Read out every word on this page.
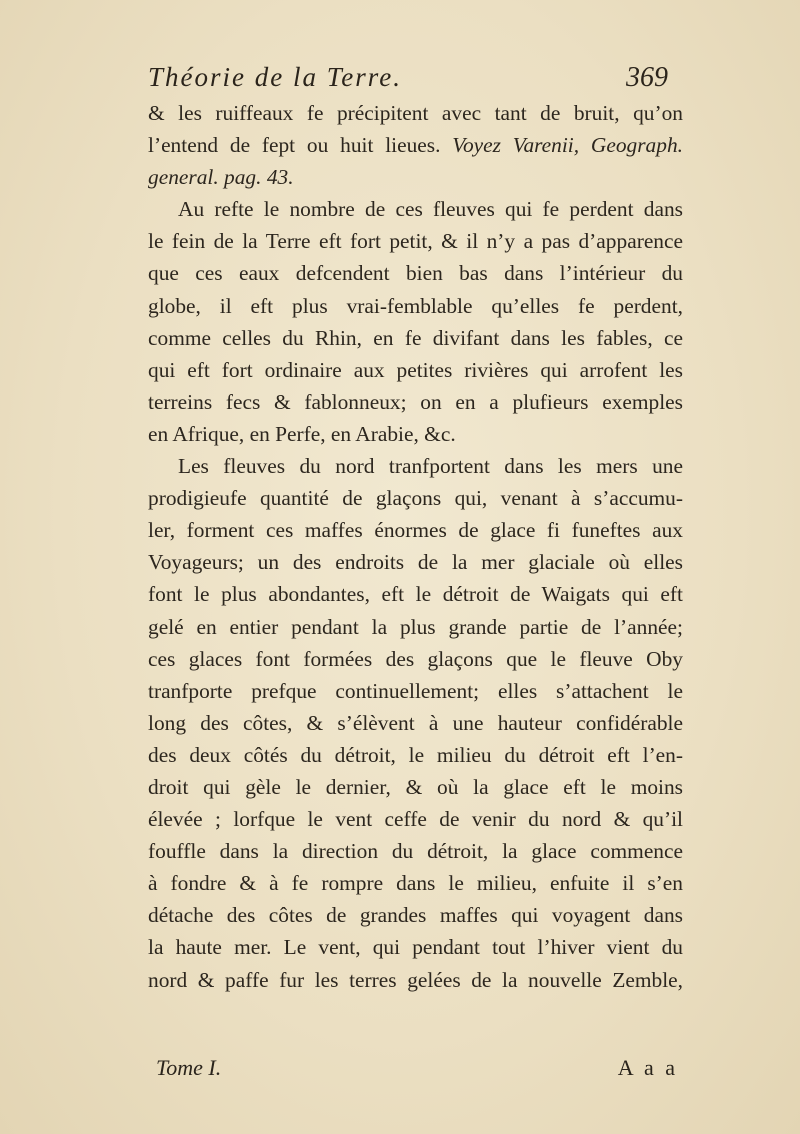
Théorie de la Terre.	369
& les ruiffeaux fe précipitent avec tant de bruit, qu’on
l’entend de fept ou huit lieues. Voyez Varenii, Geograph.
general. pag. 43.
Au refte le nombre de ces fleuves qui fe perdent dans
le fein de la Terre eft fort petit, & il n’y a pas d’apparence
que ces eaux defcendent bien bas dans l’intérieur du
globe, il eft plus vrai-femblable qu’elles fe perdent,
comme celles du Rhin, en fe divifant dans les fables, ce
qui eft fort ordinaire aux petites rivières qui arrofent les
terreins fecs & fablonneux; on en a plufieurs exemples
en Afrique, en Perfe, en Arabie, &c.
Les fleuves du nord tranfportent dans les mers une
prodigieufe quantité de glaçons qui, venant à s’accumu-
ler, forment ces maffes énormes de glace fi funeftes aux
Voyageurs; un des endroits de la mer glaciale où elles
font le plus abondantes, eft le détroit de Waigats qui eft
gelé en entier pendant la plus grande partie de l’année;
ces glaces font formées des glaçons que le fleuve Oby
tranfporte prefque continuellement; elles s’attachent le
long des côtes, & s’élèvent à une hauteur confidérable
des deux côtés du détroit, le milieu du détroit eft l’en-
droit qui gèle le dernier, & où la glace eft le moins
élevée ; lorfque le vent ceffe de venir du nord & qu’il
fouffle dans la direction du détroit, la glace commence
à fondre & à fe rompre dans le milieu, enfuite il s’en
détache des côtes de grandes maffes qui voyagent dans
la haute mer. Le vent, qui pendant tout l’hiver vient du
nord & paffe fur les terres gelées de la nouvelle Zemble,
Tome I.	A a a
